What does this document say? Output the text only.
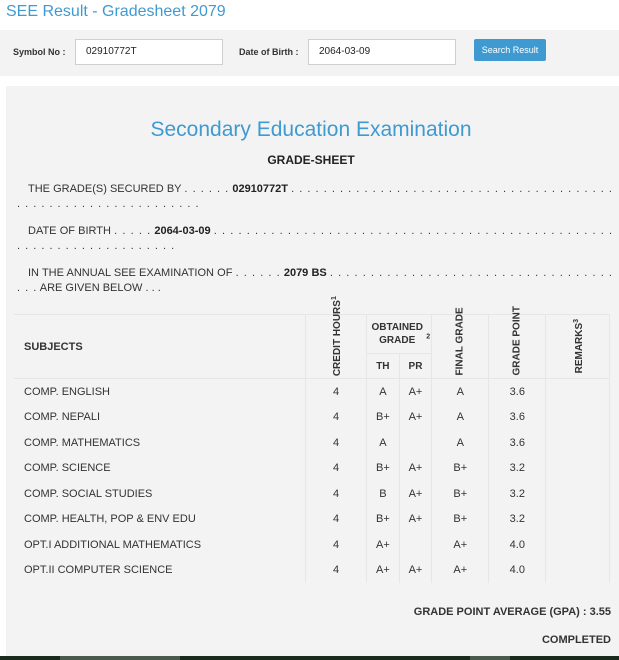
SEE Result - Gradesheet 2079
Symbol No :	02910772T	Date of Birth :	2064-03-09	Search Result
Secondary Education Examination
GRADE-SHEET
THE GRADE(S) SECURED BY . . . . . . 02910772T . . . . . . . . . . . . . . . . . . . . . . . . . . . . . . . . . . . . . . . . . . . . . . . . . . . . . . . . . . . . . . .
DATE OF BIRTH . . . . . 2064-03-09 . . . . . . . . . . . . . . . . . . . . . . . . . . . . . . . . . . . . . . . . . . . . . . . . . . . . . . . . . . . . . . . . . . . . .
IN THE ANNUAL SEE EXAMINATION OF . . . . . . 2079 BS . . . . . . . . . . . . . . . . . . . . . . . . . . . . . . . . . . . . . . ARE GIVEN BELOW . . .
SUBJECTS	CREDIT HOURS$^1$	OBTAINED GRADE $^2$		FINAL GRADE	GRADE POINT	REMARKS$^3$
		TH	PR			
COMP. ENGLISH	4	A	A+	A	3.6	
COMP. NEPALI	4	B+	A+	A	3.6	
COMP. MATHEMATICS	4	A		A	3.6	
COMP. SCIENCE	4	B+	A+	B+	3.2	
COMP. SOCIAL STUDIES	4	B	A+	B+	3.2	
COMP. HEALTH, POP & ENV EDU	4	B+	A+	B+	3.2	
OPT.I ADDITIONAL MATHEMATICS	4	A+		A+	4.0	
OPT.II COMPUTER SCIENCE	4	A+	A+	A+	4.0	
GRADE POINT AVERAGE (GPA) : 3.55
COMPLETED
